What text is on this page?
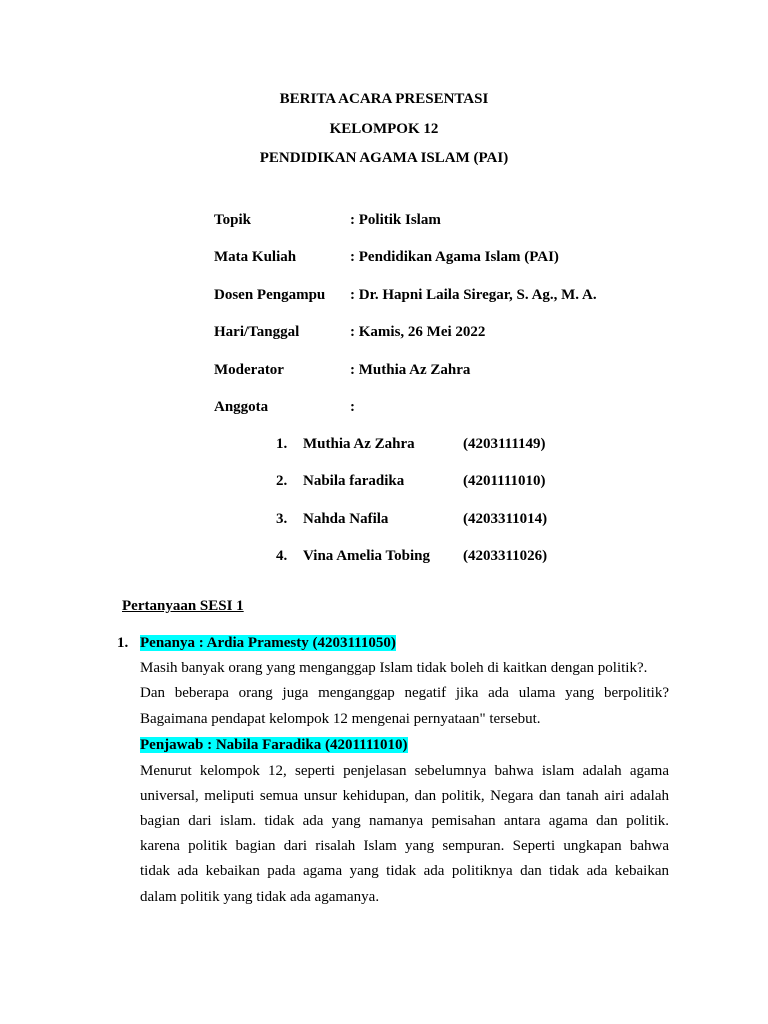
BERITA ACARA PRESENTASI
KELOMPOK 12
PENDIDIKAN AGAMA ISLAM (PAI)
Topik	: Politik Islam
Mata Kuliah	: Pendidikan Agama Islam (PAI)
Dosen Pengampu : Dr. Hapni Laila Siregar, S. Ag., M. A.
Hari/Tanggal	: Kamis, 26 Mei 2022
Moderator	: Muthia Az Zahra
Anggota	:
1. Muthia Az Zahra	(4203111149)
2. Nabila faradika	(4201111010)
3. Nahda Nafila	(4203311014)
4. Vina Amelia Tobing (4203311026)
Pertanyaan SESI 1
1. Penanya : Ardia Pramesty (4203111050)
Masih banyak orang yang menganggap Islam tidak boleh di kaitkan dengan politik?.
Dan beberapa orang juga menganggap negatif jika ada ulama yang berpolitik?
Bagaimana pendapat kelompok 12 mengenai pernyataan" tersebut.
Penjawab : Nabila Faradika (4201111010)
Menurut kelompok 12, seperti penjelasan sebelumnya bahwa islam adalah agama
universal, meliputi semua unsur kehidupan, dan politik, Negara dan tanah airi adalah
bagian dari islam. tidak ada yang namanya pemisahan antara agama dan politik.
karena politik bagian dari risalah Islam yang sempuran. Seperti ungkapan bahwa
tidak ada kebaikan pada agama yang tidak ada politiknya dan tidak ada kebaikan
dalam politik yang tidak ada agamanya.
